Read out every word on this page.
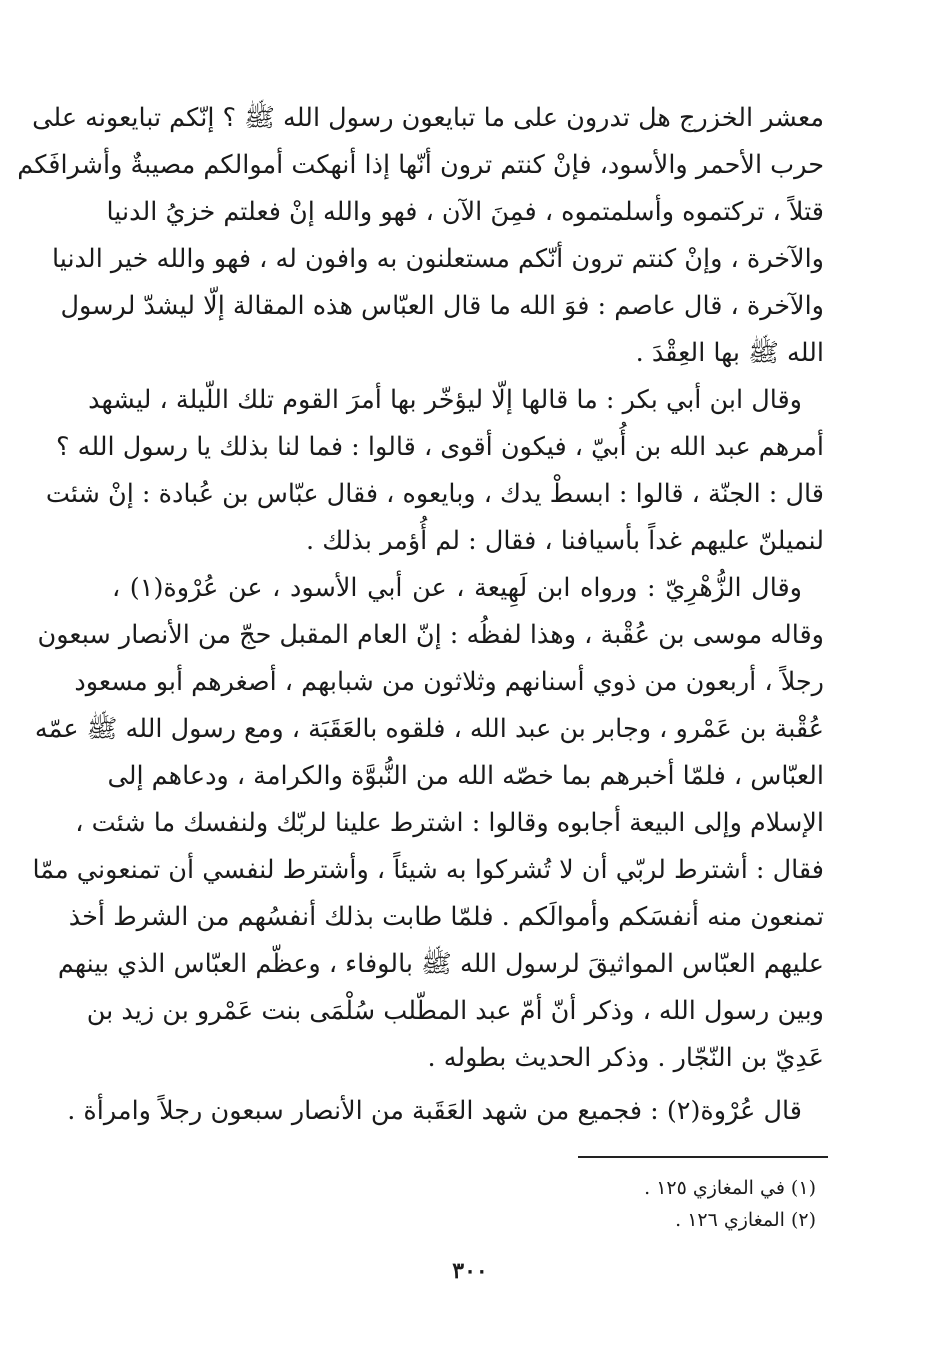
معشر الخزرج هل تدرون على ما تبايعون رسول الله ﷺ ؟ إنّكم تبايعونه على
حرب الأحمر والأسود، فإنْ كنتم ترون أنّها إذا أنهكت أموالكم مصيبةٌ وأشرافَكم
قتلاً ، تركتموه وأسلمتموه ، فمِنَ الآن ، فهو والله إنْ فعلتم خزيُ الدنيا
والآخرة ، وإنْ كنتم ترون أنّكم مستعلنون به وافون له ، فهو والله خير الدنيا
والآخرة ، قال عاصم : فوَ الله ما قال العبّاس هذه المقالة إلّا ليشدّ لرسول
الله ﷺ بها العِقْدَ .
وقال ابن أبي بكر : ما قالها إلّا ليؤخّر بها أمرَ القوم تلك اللّيلة ، ليشهد
أمرهم عبد الله بن أُبيّ ، فيكون أقوى ، قالوا : فما لنا بذلك يا رسول الله ؟
قال : الجنّة ، قالوا : ابسطْ يدك ، وبايعوه ، فقال عبّاس بن عُبادة : إنْ شئت
لنميلنّ عليهم غداً بأسيافنا ، فقال : لم أُؤمر بذلك .
وقال الزُّهْرِيّ : ورواه ابن لَهِيعة ، عن أبي الأسود ، عن عُرْوة(١) ،
وقاله موسى بن عُقْبة ، وهذا لفظُه : إنّ العام المقبل حجّ من الأنصار سبعون
رجلاً ، أربعون من ذوي أسنانهم وثلاثون من شبابهم ، أصغرهم أبو مسعود
عُقْبة بن عَمْرو ، وجابر بن عبد الله ، فلقوه بالعَقَبَة ، ومع رسول الله ﷺ عمّه
العبّاس ، فلمّا أخبرهم بما خصّه الله من النُّبوَّة والكرامة ، ودعاهم إلى
الإسلام وإلى البيعة أجابوه وقالوا : اشترط علينا لربّك ولنفسك ما شئت ،
فقال : أشترط لربّي أن لا تُشركوا به شيئاً ، وأشترط لنفسي أن تمنعوني ممّا
تمنعون منه أنفسَكم وأموالَكم . فلمّا طابت بذلك أنفسُهم من الشرط أخذ
عليهم العبّاس المواثيقَ لرسول الله ﷺ بالوفاء ، وعظّم العبّاس الذي بينهم
وبين رسول الله ، وذكر أنّ أمّ عبد المطّلب سُلْمَى بنت عَمْرو بن زيد بن
عَدِيّ بن النّجّار . وذكر الحديث بطوله .
قال عُرْوة(٢) : فجميع من شهد العَقَبة من الأنصار سبعون رجلاً وامرأة .
(١) في المغازي ١٢٥ .
(٢) المغازي ١٢٦ .
٣٠٠
